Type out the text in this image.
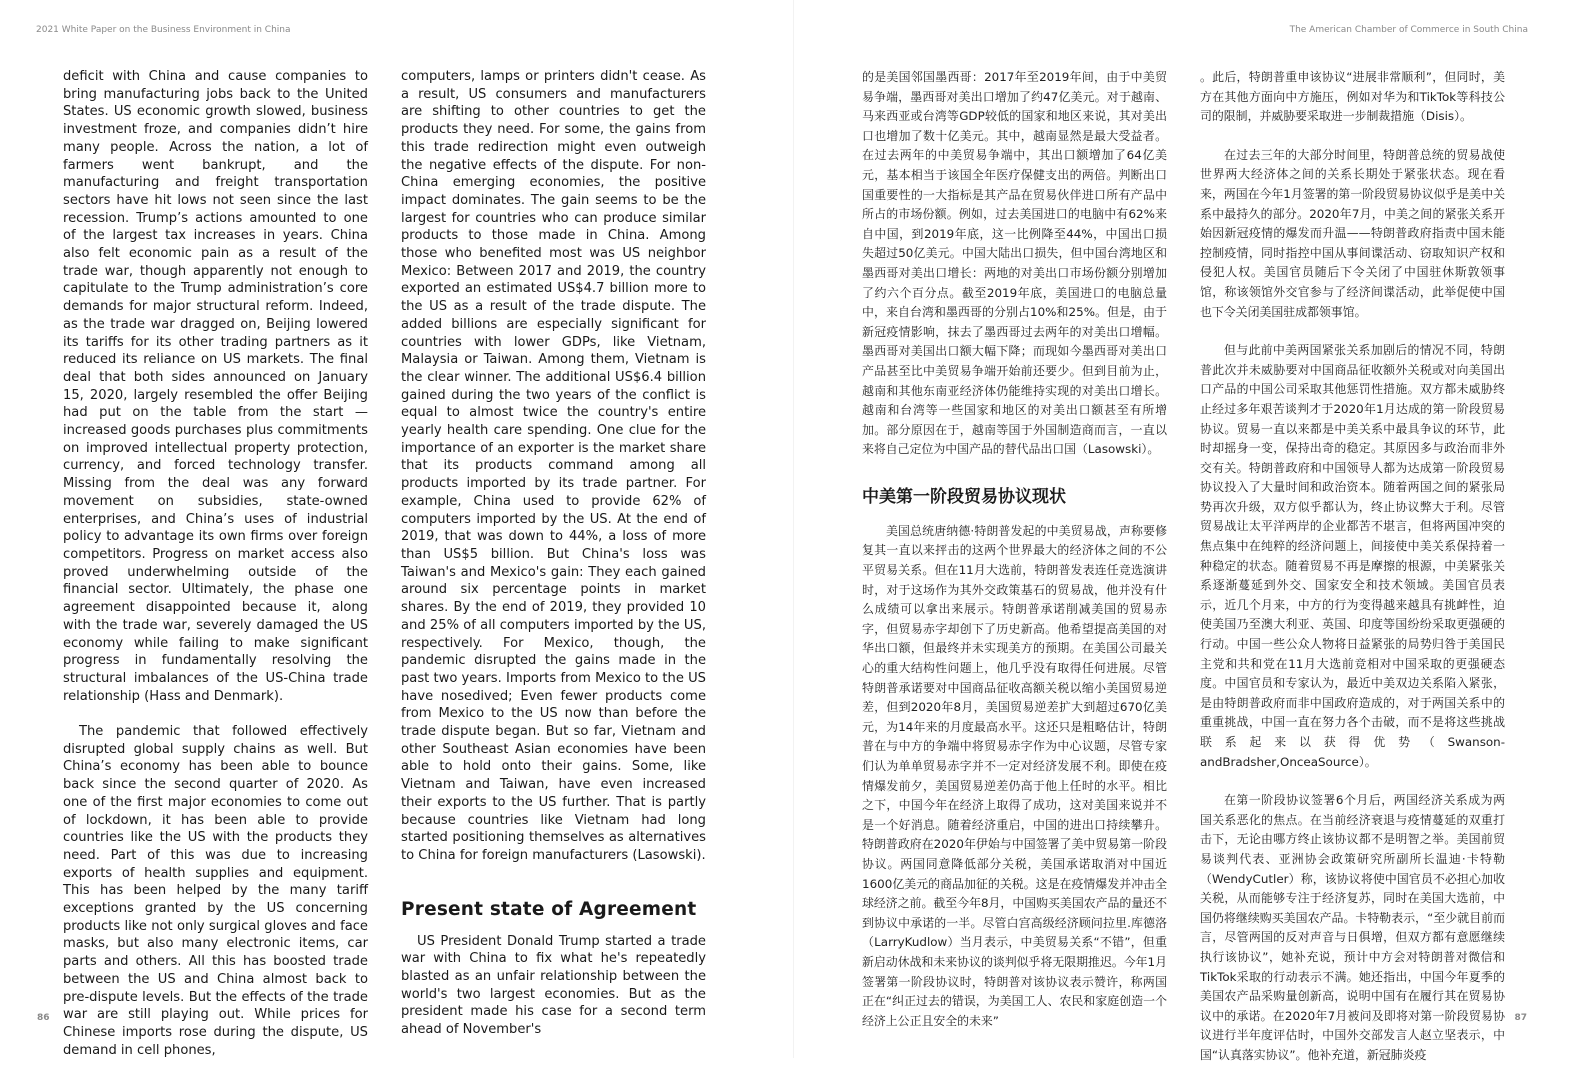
2021 White Paper on the Business Environment in China

deficit with China and cause companies to bring manufacturing jobs back to the United States. US economic growth slowed, business investment froze, and companies didn’t hire many people. Across the nation, a lot of farmers went bankrupt, and the manufacturing and freight transportation sectors have hit lows not seen since the last recession. Trump’s actions amounted to one of the largest tax increases in years. China also felt economic pain as a result of the trade war, though apparently not enough to capitulate to the Trump administration’s core demands for major structural reform. Indeed, as the trade war dragged on, Beijing lowered its tariffs for its other trading partners as it reduced its reliance on US markets. The final deal that both sides announced on January 15, 2020, largely resembled the offer Beijing had put on the table from the start — increased goods purchases plus commitments on improved intellectual property protection, currency, and forced technology transfer. Missing from the deal was any forward movement on subsidies, state-owned enterprises, and China’s uses of industrial policy to advantage its own firms over foreign competitors. Progress on market access also proved underwhelming outside of the financial sector. Ultimately, the phase one agreement disappointed because it, along with the trade war, severely damaged the US economy while failing to make significant progress in fundamentally resolving the structural imbalances of the US-China trade relationship (Hass and Denmark).

The pandemic that followed effectively disrupted global supply chains as well. But China’s economy has been able to bounce back since the second quarter of 2020. As one of the first major economies to come out of lockdown, it has been able to provide countries like the US with the products they need. Part of this was due to increasing exports of health supplies and equipment. This has been helped by the many tariff exceptions granted by the US concerning products like not only surgical gloves and face masks, but also many electronic items, car parts and others. All this has boosted trade between the US and China almost back to pre-dispute levels. But the effects of the trade war are still playing out. While prices for Chinese imports rose during the dispute, US demand in cell phones,

computers, lamps or printers didn't cease. As a result, US consumers and manufacturers are shifting to other countries to get the products they need. For some, the gains from this trade redirection might even outweigh the negative effects of the dispute. For non-China emerging economies, the positive impact dominates. The gain seems to be the largest for countries who can produce similar products to those made in China. Among those who benefited most was US neighbor Mexico: Between 2017 and 2019, the country exported an estimated US$4.7 billion more to the US as a result of the trade dispute. The added billions are especially significant for countries with lower GDPs, like Vietnam, Malaysia or Taiwan. Among them, Vietnam is the clear winner. The additional US$6.4 billion gained during the two years of the conflict is equal to almost twice the country's entire yearly health care spending. One clue for the importance of an exporter is the market share that its products command among all products imported by its trade partner. For example, China used to provide 62% of computers imported by the US. At the end of 2019, that was down to 44%, a loss of more than US$5 billion. But China's loss was Taiwan's and Mexico's gain: They each gained around six percentage points in market shares. By the end of 2019, they provided 10 and 25% of all computers imported by the US, respectively. For Mexico, though, the pandemic disrupted the gains made in the past two years. Imports from Mexico to the US have nosedived; Even fewer products come from Mexico to the US now than before the trade dispute began. But so far, Vietnam and other Southeast Asian economies have been able to hold onto their gains. Some, like Vietnam and Taiwan, have even increased their exports to the US further. That is partly because countries like Vietnam had long started positioning themselves as alternatives to China for foreign manufacturers (Lasowski).

Present state of Agreement

US President Donald Trump started a trade war with China to fix what he's repeatedly blasted as an unfair relationship between the world's two largest economies. But as the president made his case for a second term ahead of November's

86
The American Chamber of Commerce in South China

的是美国邻国墨西哥：2017年至2019年间，由于中美贸易争端，墨西哥对美出口增加了约47亿美元。对于越南、马来西亚或台湾等GDP较低的国家和地区来说，其对美出口也增加了数十亿美元。其中，越南显然是最大受益者。在过去两年的中美贸易争端中，其出口额增加了64亿美元，基本相当于该国全年医疗保健支出的两倍。判断出口国重要性的一大指标是其产品在贸易伙伴进口所有产品中所占的市场份额。例如，过去美国进口的电脑中有62%来自中国，到2019年底，这一比例降至44%，中国出口损失超过50亿美元。中国大陆出口损失，但中国台湾地区和墨西哥对美出口增长：两地的对美出口市场份额分别增加了约六个百分点。截至2019年底，美国进口的电脑总量中，来自台湾和墨西哥的分别占10%和25%。但是，由于新冠疫情影响，抹去了墨西哥过去两年的对美出口增幅。墨西哥对美国出口额大幅下降；而现如今墨西哥对美出口产品甚至比中美贸易争端开始前还要少。但到目前为止，越南和其他东南亚经济体仍能维持实现的对美出口增长。越南和台湾等一些国家和地区的对美出口额甚至有所增加。部分原因在于，越南等国于外国制造商而言，一直以来将自己定位为中国产品的替代品出口国（Lasowski）。

中美第一阶段贸易协议现状

美国总统唐纳德·特朗普发起的中美贸易战，声称要修复其一直以来抨击的这两个世界最大的经济体之间的不公平贸易关系。但在11月大选前，特朗普发表连任竞选演讲时，对于这场作为其外交政策基石的贸易战，他并没有什么成绩可以拿出来展示。特朗普承诺削减美国的贸易赤字，但贸易赤字却创下了历史新高。他希望提高美国的对华出口额，但最终并未实现美方的预期。在美国公司最关心的重大结构性问题上，他几乎没有取得任何进展。尽管特朗普承诺要对中国商品征收高额关税以缩小美国贸易逆差，但到2020年8月，美国贸易逆差扩大到超过670亿美元，为14年来的月度最高水平。这还只是粗略估计，特朗普在与中方的争端中将贸易赤字作为中心议题，尽管专家们认为单单贸易赤字并不一定对经济发展不利。即使在疫情爆发前夕，美国贸易逆差仍高于他上任时的水平。相比之下，中国今年在经济上取得了成功，这对美国来说并不是一个好消息。随着经济重启，中国的进出口持续攀升。特朗普政府在2020年伊始与中国签署了美中贸易第一阶段协议。两国同意降低部分关税，美国承诺取消对中国近1600亿美元的商品加征的关税。这是在疫情爆发并冲击全球经济之前。截至今年8月，中国购买美国农产品的量还不到协议中承诺的一半。尽管白宫高级经济顾问拉里.库德洛（LarryKudlow）当月表示，中美贸易关系“不错”，但重新启动休战和未来协议的谈判似乎将无限期推迟。今年1月签署第一阶段协议时，特朗普对该协议表示赞许，称两国正在“纠正过去的错误，为美国工人、农民和家庭创造一个经济上公正且安全的未来”

。此后，特朗普重申该协议“进展非常顺利”，但同时，美方在其他方面向中方施压，例如对华为和TikTok等科技公司的限制，并威胁要采取进一步制裁措施（Disis）。

在过去三年的大部分时间里，特朗普总统的贸易战使世界两大经济体之间的关系长期处于紧张状态。现在看来，两国在今年1月签署的第一阶段贸易协议似乎是美中关系中最持久的部分。2020年7月，中美之间的紧张关系开始因新冠疫情的爆发而升温——特朗普政府指责中国未能控制疫情，同时指控中国从事间谍活动、窃取知识产权和侵犯人权。美国官员随后下令关闭了中国驻休斯敦领事馆，称该领馆外交官参与了经济间谍活动，此举促使中国也下令关闭美国驻成都领事馆。

但与此前中美两国紧张关系加剧后的情况不同，特朗普此次并未威胁要对中国商品征收额外关税或对向美国出口产品的中国公司采取其他惩罚性措施。双方都未威胁终止经过多年艰苦谈判才于2020年1月达成的第一阶段贸易协议。贸易一直以来都是中美关系中最具争议的环节，此时却摇身一变，保持出奇的稳定。其原因多与政治而非外交有关。特朗普政府和中国领导人都为达成第一阶段贸易协议投入了大量时间和政治资本。随着两国之间的紧张局势再次升级，双方似乎都认为，终止协议弊大于利。尽管贸易战让太平洋两岸的企业都苦不堪言，但将两国冲突的焦点集中在纯粹的经济问题上，间接使中美关系保持着一种稳定的状态。随着贸易不再是摩擦的根源，中美紧张关系逐渐蔓延到外交、国家安全和技术领域。美国官员表示，近几个月来，中方的行为变得越来越具有挑衅性，迫使美国乃至澳大利亚、英国、印度等国纷纷采取更强硬的行动。中国一些公众人物将日益紧张的局势归咎于美国民主党和共和党在11月大选前竞相对中国采取的更强硬态度。中国官员和专家认为，最近中美双边关系陷入紧张，是由特朗普政府而非中国政府造成的，对于两国关系中的重重挑战，中国一直在努力各个击破，而不是将这些挑战联系起来以获得优势（Swanson-andBradsher,OnceaSource）。

在第一阶段协议签署6个月后，两国经济关系成为两国关系恶化的焦点。在当前经济衰退与疫情蔓延的双重打击下，无论由哪方终止该协议都不是明智之举。美国前贸易谈判代表、亚洲协会政策研究所副所长温迪·卡特勒（WendyCutler）称，该协议将使中国官员不必担心加收关税，从而能够专注于经济复苏，同时在美国大选前，中国仍将继续购买美国农产品。卡特勒表示，“至少就目前而言，尽管两国的反对声音与日俱增，但双方都有意愿继续执行该协议”，她补充说，预计中方会对特朗普对微信和TikTok采取的行动表示不满。她还指出，中国今年夏季的美国农产品采购量创新高，说明中国有在履行其在贸易协议中的承诺。在2020年7月被问及即将对第一阶段贸易协议进行半年度评估时，中国外交部发言人赵立坚表示，中国“认真落实协议”。他补充道，新冠肺炎疫

87
